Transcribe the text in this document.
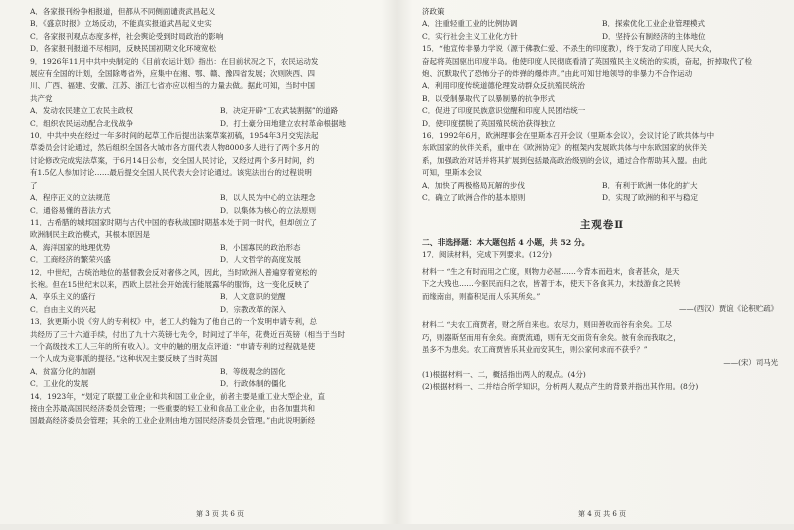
A．各家报刊纷争相报道，但都从不同侧面谴责武昌起义
B．《盛京时报》立场反动，不能真实报道武昌起义史实
C．各家报刊观点态度多样，社会舆论受到时局政治的影响
D．各家报刊报道不尽相同，反映民国初期文化环境宽松
9．1926年11月中共中央制定的《目前农运计划》指出：在目前状况之下，农民运动发
展应有全国的计划，全国除粤省外，应集中在湘、鄂、赣、豫四省发展；次则陕西、四
川、广西、福建、安徽、江苏、浙江七省亦应以相当的力量去做。据此可知，当时中国
共产党
A．发动农民建立工农民主政权	B．决定开辟“工农武装割据”的道路
C．组织农民运动配合北伐战争	D．打土豪分田地建立农村革命根据地
10．中共中央在经过一年多时间的起草工作后提出法案草案初稿，1954年3月交宪法起
草委员会讨论通过，然后组织全国各大城市各方面代表人物8000多人进行了两个多月的
讨论修改完成宪法草案，于6月14日公布，交全国人民讨论，又经过两个多月时间，约
有1.5亿人参加讨论……最后提交全国人民代表大会讨论通过。该宪法出台的过程说明
了
A．程序正义的立法规范	B．以人民为中心的立法理念
C．通俗易懂的普法方式	D．以集体为核心的立法原则
11．古希腊的城邦国家时期与古代中国的春秋战国时期基本处于同一时代，但却创立了
欧洲制民主政治模式，其根本原因是
A．海洋国家的地理优势	B．小国寡民的政治形态
C．工商经济的繁荣兴盛	D．人文哲学的高度发展
12．中世纪，古统治地位的基督教会反对奢侈之风，因此，当时欧洲人普遍穿着宽松的
长袍。但在15世纪末以来，西欧上层社会开始流行能展露华的服饰，这一变化反映了
A．享乐主义的盛行	B．人文意识的觉醒
C．自由主义的兴起	D．宗教改革的深入
13．狄更斯小说《穷人的专利权》中，老工人约翰为了他自己的一个发明申请专利，总
共经历了三十六道手续，付出了九十六英镑七先令，时间过了半年，花费近百英镑（相当于当时
一个高级技术工人三年的所有收入）。文中的触的朋友点评道：“申请专利的过程就是使
一个人成为竞事派的提径。”这种状况主要反映了当时英国
A．贫富分化的加剧	B．等级观念的固化
C．工业化的发展	D．行政体制的僵化
14．1923年，“划定了联盟工业企业和共和国工业企业，前者主要是重工业大型企业，直
接由全苏最高国民经济委员会管理；一些重要的轻工业和食品工业企业，由各加盟共和
国最高经济委员会管理；其余的工业企业则由地方国民经济委员会管理。”由此说明新经
第 3 页 共 6 页
济政策
A．注重轻重工业的比例协调	B．探索优化工业企业管理模式
C．实行社会主义工业化方针	D．坚持公有制经济的主体地位
15．“他宣传非暴力学说（源于佛教仁爱、不杀生的印度教），终于发动了印度人民大众，
奋起将英国驱出印度半岛。他使印度人民彻底看清了英国殖民主义统治的实质，奋起，折掉取代了检
炮、沉默取代了恐怖分子的炸弹的爆炸声。”由此可知甘地领导的非暴力不合作运动
A．利用印度传统道德伦理发动群众反抗殖民统治
B．以受制暴取代了以暴制暴的抗争形式
C．促进了印度民族意识觉醒和印度人民团结统一
D．使印度摆脱了英国殖民统治获得独立
16．1992年6月，欧洲理事会在里斯本召开会议（里斯本会议），会议讨论了欧共体与中
东欧国家的伙伴关系，重申在《欧洲协定》的框架内发展欧共体与中东欧国家的伙伴关
系，加强政治对话并将其扩展到包括最高政治级别的会议，通过合作帮助其入盟。由此
可知，里斯本会议
A．加快了两极格局瓦解的步伐	B．有利于欧洲一体化的扩大
C．确立了欧洲合作的基本原则	D．实现了欧洲的和平与稳定
主观卷Ⅱ
二、非选择题：本大题包括 4 小题，共 52 分。
17．阅读材料，完成下列要求。(12分)
材料一 “生之有时而用之亡度，则物力必屈……今背本而趋末，食者甚众，是天
下之大残也……今驱民而归之农，皆著于本，使天下各食其力，末技游食之民转
而缘南亩，则畜积足而人乐其所矣。”
——(西汉）贾谊《论积贮疏》
材料二 “夫农工商贾者，财之所自来也。农尽力，则田善收而谷有余矣。工尽
巧，则器斯坚而用有余矣。商贾流通，则有无交而货有余矣。彼有余而我取之，
虽多不为患矣。农工商贾皆乐其业而安其生，则公家何求而不获乎？”
——(宋）司马光
(1)根据材料一、二，概括指出两人的观点。(4分)
(2)根据材料一、二并结合所学知识，分析两人观点产生的背景并指出其作用。(8分)
第 4 页 共 6 页
